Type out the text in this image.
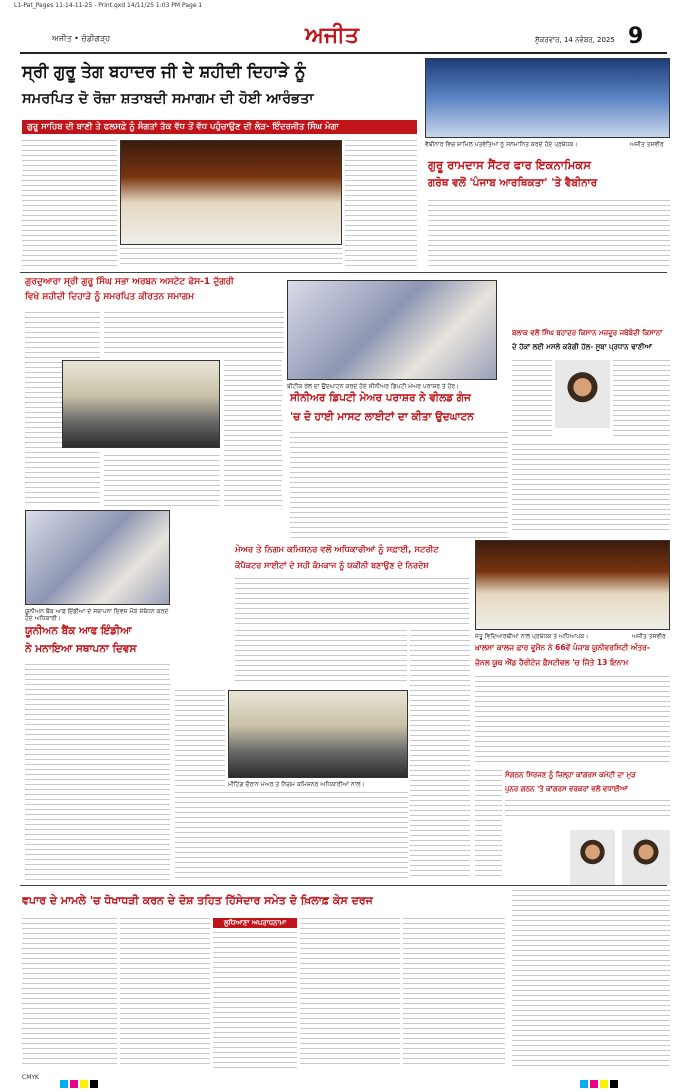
L1-Pat_Pages 11-14-11-25 - Print.qxd 14/11/25 1:03 PM Page 1
ਅਜੀਤ • ਚੰਡੀਗੜ੍ਹ	ਅਜੀਤ	ਸ਼ੁੱਕਰਵਾਰ, 14 ਨਵੰਬਰ, 2025 9
ਸ੍ਰੀ ਗੁਰੂ ਤੇਗ ਬਹਾਦਰ ਜੀ ਦੇ ਸ਼ਹੀਦੀ ਦਿਹਾੜੇ ਨੂੰ
ਸਮਰਪਿਤ ਦੋ ਰੋਜ਼ਾ ਸ਼ਤਾਬਦੀ ਸਮਾਗਮ ਦੀ ਹੋਈ ਆਰੰਭਤਾ
ਗੁਰੂ ਸਾਹਿਬ ਦੀ ਬਾਣੀ ਤੇ ਫਲਸਫ਼ੇ ਨੂੰ ਸੰਗਤਾਂ ਤੱਕ ਵੱਧ ਤੋਂ ਵੱਧ ਪਹੁੰਚਾਉਣ ਦੀ ਲੋੜ- ਇੰਦਰਜੀਤ ਸਿੰਘ ਮੋਗਾ
ਵੈਬੀਨਾਰ ਵਿਚ ਸ਼ਾਮਿਲ ਪਤਵੰਤਿਆਂ ਨੂੰ ਸਨਮਾਨਿਤ ਕਰਦੇ ਹੋਏ ਪ੍ਰਬੰਧਕ।	ਅਜੀਤ ਤਸਵੀਰ
ਗੁਰੂ ਰਾਮਦਾਸ ਸੈਂਟਰ ਫਾਰ ਇਕਨਾਮਿਕਸ
ਗਰੋਥ ਵਲੋਂ 'ਪੰਜਾਬ ਆਰਥਿਕਤਾ' 'ਤੇ ਵੈਬੀਨਾਰ
ਗੁਰਦੁਆਰਾ ਸ੍ਰੀ ਗੁਰੂ ਸਿੰਘ ਸਭਾ ਅਰਬਨ ਅਸਟੇਟ ਫੇਸ-1 ਦੁੱਗਰੀ
ਵਿਖੇ ਸ਼ਹੀਦੀ ਦਿਹਾੜੇ ਨੂੰ ਸਮਰਪਿਤ ਕੀਰਤਨ ਸਮਾਗਮ
ਬੀਟੀਕ ਰੇਲ ਦਾ ਉਦਘਾਟਨ ਕਰਦੇ ਹੋਏ ਸੀਨੀਅਰ ਡਿਪਟੀ ਮੇਅਰ ਪਰਾਸ਼ਰ ਤੇ ਹੋਰ।
ਸੀਨੀਅਰ ਡਿਪਟੀ ਮੇਅਰ ਪਰਾਸ਼ਰ ਨੇ ਵੀਲਡ ਗੰਜ
'ਚ ਦੋ ਹਾਈ ਮਾਸਟ ਲਾਈਟਾਂ ਦਾ ਕੀਤਾ ਉਦਘਾਟਨ
ਬਲਾਕ ਵਲੋਂ ਸਿੰਘ ਬਹਾਦਰ ਕਿਸਾਨ ਮਜ਼ਦੂਰ ਜਥੇਬੰਦੀ ਕਿਸਾਨਾਂ
ਦੇ ਹੱਕਾਂ ਲਈ ਮਸਲੇ ਕਰੇਗੀ ਹੱਲ- ਸੂਬਾ ਪ੍ਰਧਾਨ ਢਾਣੀਆਂ
ਮੇਅਰ ਤੇ ਨਿਗਮ ਕਮਿਸ਼ਨਰ ਵਲੋਂ ਅਧਿਕਾਰੀਆਂ ਨੂੰ ਸਫ਼ਾਈ, ਸਟਰੀਟ
ਕੰਪੈਕਟਰ ਸਾਈਟਾਂ ਦੇ ਸਹੀ ਕੰਮਕਾਜ ਨੂੰ ਯਕੀਨੀ ਬਣਾਉਣ ਦੇ ਨਿਰਦੇਸ਼
ਮੀਟਿੰਗ ਦੌਰਾਨ ਮੇਅਰ ਤੇ ਨਿਗਮ ਕਮਿਸ਼ਨਰ ਅਧਿਕਾਰੀਆਂ ਨਾਲ।
ਯੂਨੀਅਨ ਬੈਂਕ ਆਫ ਇੰਡੀਆ ਦੇ ਸਥਾਪਨਾ ਦਿਵਸ ਮੌਕੇ ਸੰਬੋਧਨ ਕਰਦੇ ਹੋਏ ਅਧਿਕਾਰੀ।
ਯੂਨੀਅਨ ਬੈਂਕ ਆਫ ਇੰਡੀਆ
ਨੇ ਮਨਾਇਆ ਸਥਾਪਨਾ ਦਿਵਸ
ਜੇਤੂ ਵਿਦਿਆਰਥੀਆਂ ਨਾਲ ਪ੍ਰਬੰਧਕ ਤੇ ਅਧਿਆਪਕ।	ਅਜੀਤ ਤਸਵੀਰ
ਖ਼ਾਲਸਾ ਕਾਲਜ ਫ਼ਾਰ ਵੂਮੈਨ ਨੇ 66ਵੇਂ ਪੰਜਾਬ ਯੂਨੀਵਰਸਿਟੀ ਅੰਤਰ-
ਜ਼ੋਨਲ ਯੂਥ ਐਂਡ ਹੈਰੀਟੇਜ ਫ਼ੈਸਟੀਵਲ 'ਚ ਜਿੱਤੇ 13 ਇਨਾਮ
ਸੰਗਠਨ ਸਿਰਜਣ ਨੂੰ ਜ਼ਿਲ੍ਹਾ ਕਾਂਗਰਸ ਕਮੇਟੀ ਦਾ ਮੁੜ
ਪੁਨਰ ਗਠਨ 'ਤੇ ਕਾਂਗਰਸ ਵਰਕਰਾਂ ਵਲੋਂ ਵਧਾਈਆਂ
ਵਪਾਰ ਦੇ ਮਾਮਲੇ 'ਚ ਧੋਖਾਧੜੀ ਕਰਨ ਦੇ ਦੋਸ਼ ਤਹਿਤ ਹਿੱਸੇਦਾਰ ਸਮੇਤ ਦੋ ਖ਼ਿਲਾਫ਼ ਕੇਸ ਦਰਜ
ਲੁਧਿਆਣਾ ਅਪਰਾਧਨਾਮਾ
CMYK
